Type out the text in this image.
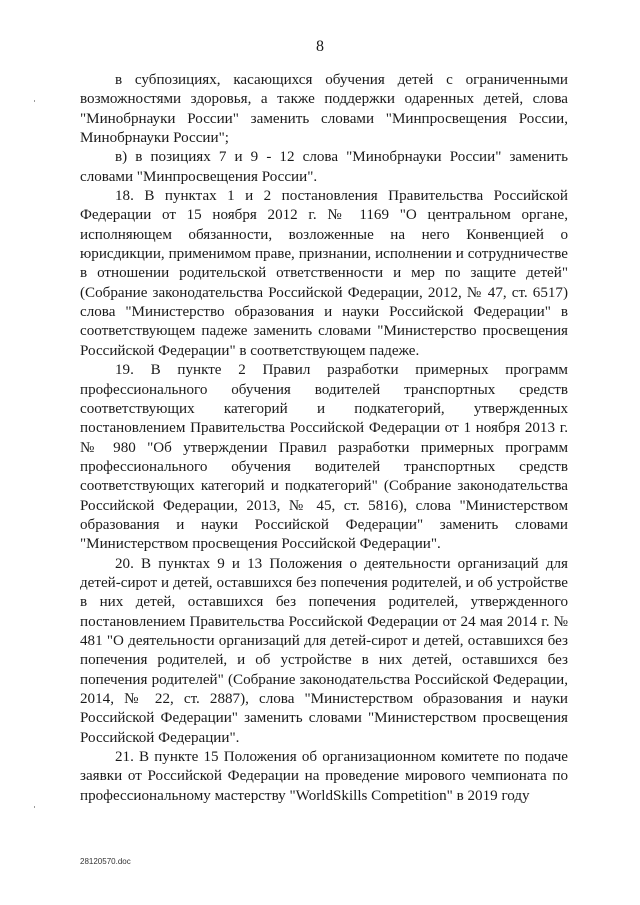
8

в субпозициях, касающихся обучения детей с ограниченными возможностями здоровья, а также поддержки одаренных детей, слова "Минобрнауки России" заменить словами "Минпросвещения России, Минобрнауки России";

в) в позициях 7 и 9 - 12 слова "Минобрнауки России" заменить словами "Минпросвещения России".

18. В пунктах 1 и 2 постановления Правительства Российской Федерации от 15 ноября 2012 г. № 1169 "О центральном органе, исполняющем обязанности, возложенные на него Конвенцией о юрисдикции, применимом праве, признании, исполнении и сотрудничестве в отношении родительской ответственности и мер по защите детей" (Собрание законодательства Российской Федерации, 2012, № 47, ст. 6517) слова "Министерство образования и науки Российской Федерации" в соответствующем падеже заменить словами "Министерство просвещения Российской Федерации" в соответствующем падеже.

19. В пункте 2 Правил разработки примерных программ профессионального обучения водителей транспортных средств соответствующих категорий и подкатегорий, утвержденных постановлением Правительства Российской Федерации от 1 ноября 2013 г. № 980 "Об утверждении Правил разработки примерных программ профессионального обучения водителей транспортных средств соответствующих категорий и подкатегорий" (Собрание законодательства Российской Федерации, 2013, № 45, ст. 5816), слова "Министерством образования и науки Российской Федерации" заменить словами "Министерством просвещения Российской Федерации".

20. В пунктах 9 и 13 Положения о деятельности организаций для детей-сирот и детей, оставшихся без попечения родителей, и об устройстве в них детей, оставшихся без попечения родителей, утвержденного постановлением Правительства Российской Федерации от 24 мая 2014 г. № 481 "О деятельности организаций для детей-сирот и детей, оставшихся без попечения родителей, и об устройстве в них детей, оставшихся без попечения родителей" (Собрание законодательства Российской Федерации, 2014, № 22, ст. 2887), слова "Министерством образования и науки Российской Федерации" заменить словами "Министерством просвещения Российской Федерации".

21. В пункте 15 Положения об организационном комитете по подаче заявки от Российской Федерации на проведение мирового чемпионата по профессиональному мастерству "WorldSkills Competition" в 2019 году

28120570.doc
